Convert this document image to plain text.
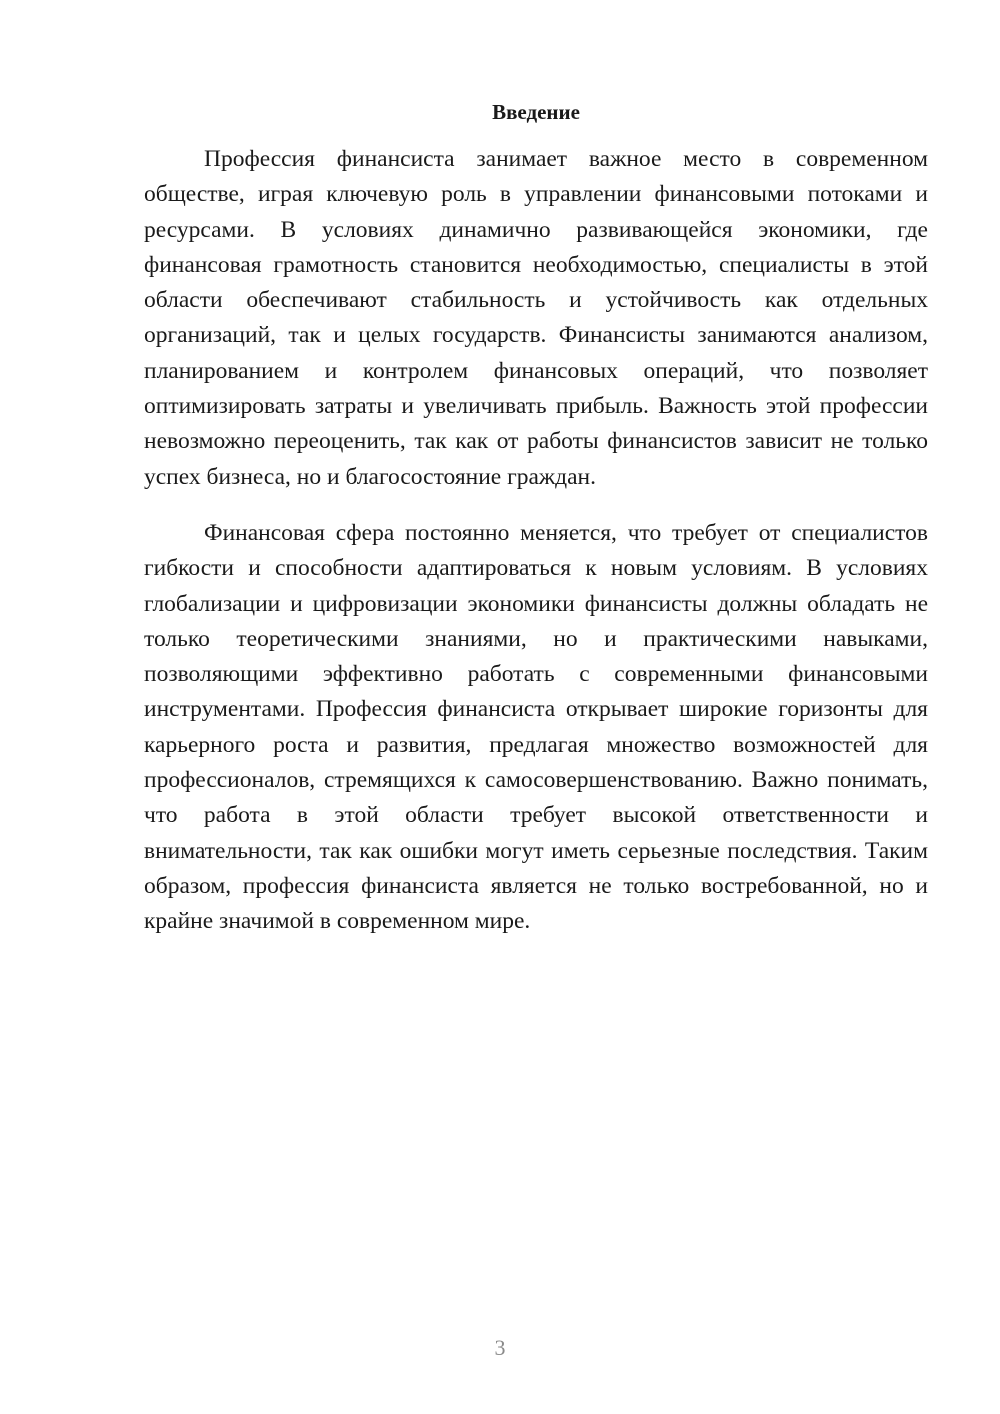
Введение

Профессия финансиста занимает важное место в современном обществе, играя ключевую роль в управлении финансовыми потоками и ресурсами. В условиях динамично развивающейся экономики, где финансовая грамотность становится необходимостью, специалисты в этой области обеспечивают стабильность и устойчивость как отдельных организаций, так и целых государств. Финансисты занимаются анализом, планированием и контролем финансовых операций, что позволяет оптимизировать затраты и увеличивать прибыль. Важность этой профессии невозможно переоценить, так как от работы финансистов зависит не только успех бизнеса, но и благосостояние граждан.

Финансовая сфера постоянно меняется, что требует от специалистов гибкости и способности адаптироваться к новым условиям. В условиях глобализации и цифровизации экономики финансисты должны обладать не только теоретическими знаниями, но и практическими навыками, позволяющими эффективно работать с современными финансовыми инструментами. Профессия финансиста открывает широкие горизонты для карьерного роста и развития, предлагая множество возможностей для профессионалов, стремящихся к самосовершенствованию. Важно понимать, что работа в этой области требует высокой ответственности и внимательности, так как ошибки могут иметь серьезные последствия. Таким образом, профессия финансиста является не только востребованной, но и крайне значимой в современном мире.

3
